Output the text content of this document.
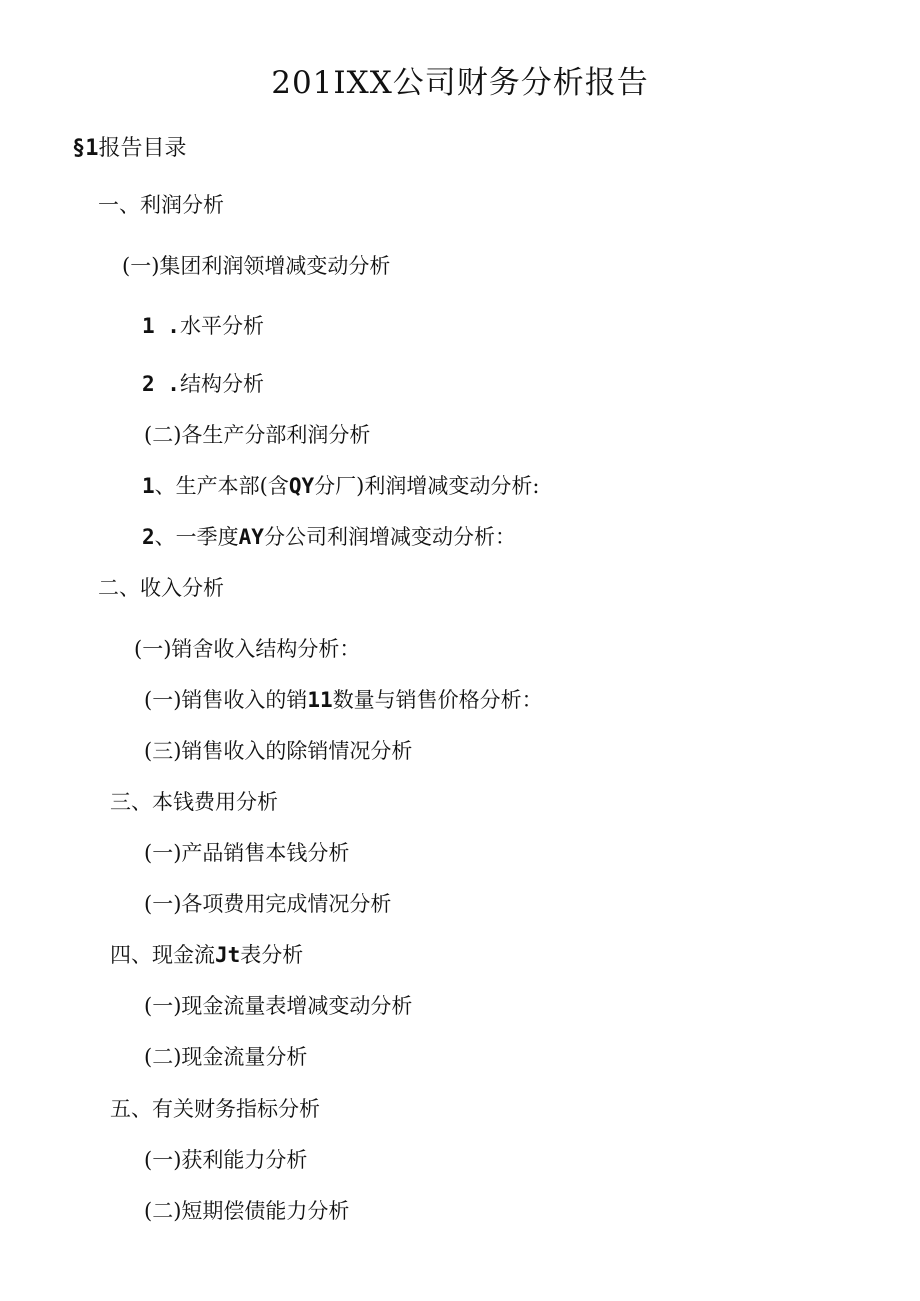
201IXX公司财务分析报告
§1报告目录
一、利润分析
(一)集团利润领增减变动分析
1 .水平分析
2 .结构分析
(二)各生产分部利润分析
1、生产本部(含QY分厂)利润增减变动分析:
2、一季度AY分公司利润增减变动分析：
二、收入分析
(一)销舍收入结构分析：
(一)销售收入的销11数量与销售价格分析：
(三)销售收入的除销情况分析
三、本钱费用分析
(一)产品销售本钱分析
(一)各项费用完成情况分析
四、现金流Jt表分析
(一)现金流量表增减变动分析
(二)现金流量分析
五、有关财务指标分析
(一)获利能力分析
(二)短期偿债能力分析
